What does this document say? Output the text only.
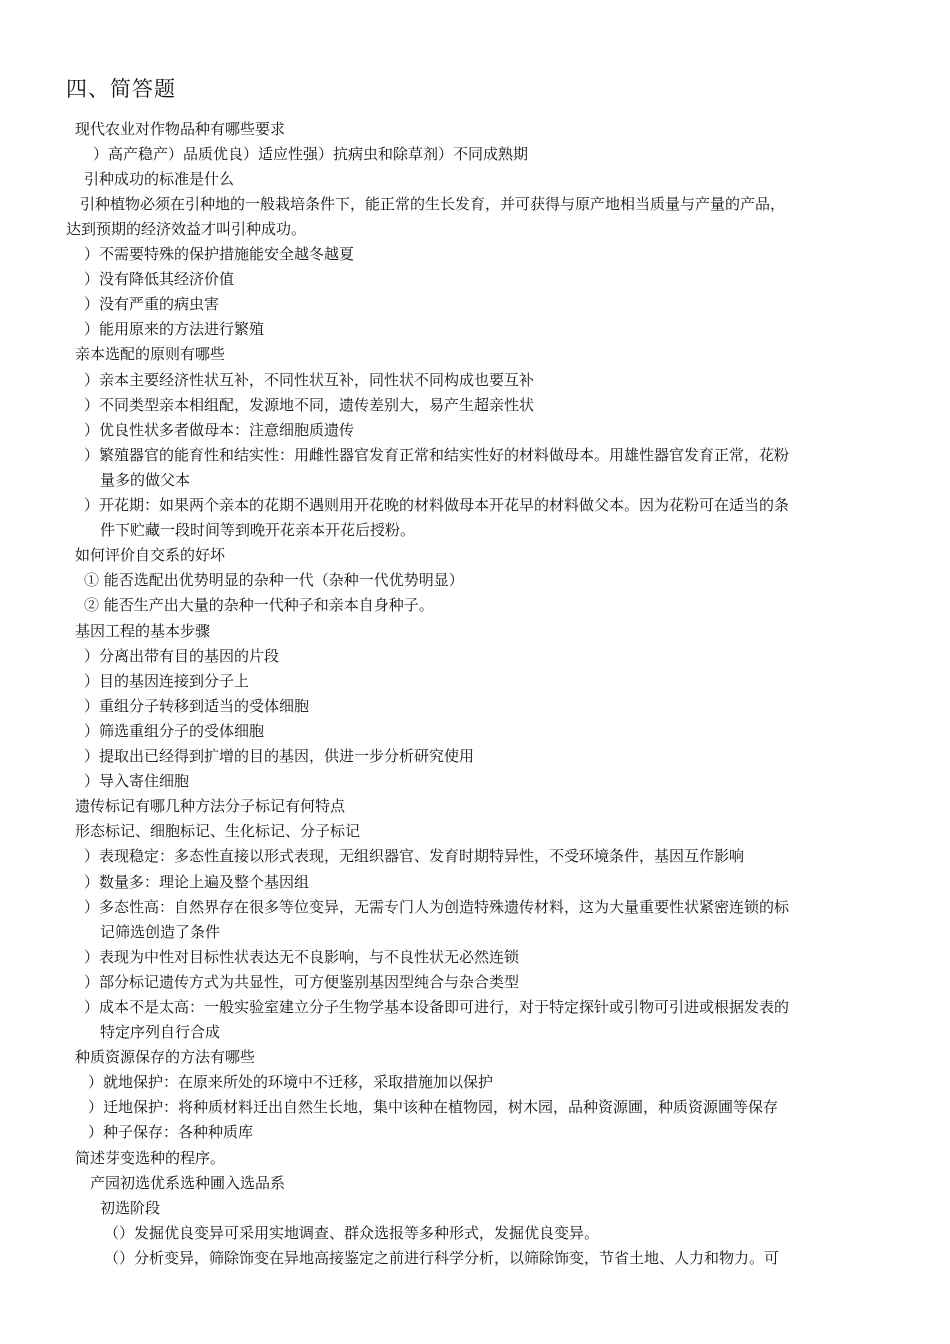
四、简答题
现代农业对作物品种有哪些要求
）高产稳产）品质优良）适应性强）抗病虫和除草剂）不同成熟期
引种成功的标准是什么
引种植物必须在引种地的一般栽培条件下，能正常的生长发育，并可获得与原产地相当质量与产量的产品，
达到预期的经济效益才叫引种成功。
）不需要特殊的保护措施能安全越冬越夏
）没有降低其经济价值
）没有严重的病虫害
）能用原来的方法进行繁殖
亲本选配的原则有哪些
）亲本主要经济性状互补，不同性状互补，同性状不同构成也要互补
）不同类型亲本相组配，发源地不同，遗传差别大，易产生超亲性状
）优良性状多者做母本：注意细胞质遗传
）繁殖器官的能育性和结实性：用雌性器官发育正常和结实性好的材料做母本。用雄性器官发育正常，花粉
量多的做父本
）开花期：如果两个亲本的花期不遇则用开花晚的材料做母本开花早的材料做父本。因为花粉可在适当的条
件下贮藏一段时间等到晚开花亲本开花后授粉。
如何评价自交系的好坏
① 能否选配出优势明显的杂种一代（杂种一代优势明显）
② 能否生产出大量的杂种一代种子和亲本自身种子。
基因工程的基本步骤
）分离出带有目的基因的片段
）目的基因连接到分子上
）重组分子转移到适当的受体细胞
）筛选重组分子的受体细胞
）提取出已经得到扩增的目的基因，供进一步分析研究使用
）导入寄住细胞
遗传标记有哪几种方法分子标记有何特点
形态标记、细胞标记、生化标记、分子标记
）表现稳定：多态性直接以形式表现，无组织器官、发育时期特异性，不受环境条件，基因互作影响
）数量多：理论上遍及整个基因组
）多态性高：自然界存在很多等位变异，无需专门人为创造特殊遗传材料，这为大量重要性状紧密连锁的标
记筛选创造了条件
）表现为中性对目标性状表达无不良影响，与不良性状无必然连锁
）部分标记遗传方式为共显性，可方便鉴别基因型纯合与杂合类型
）成本不是太高：一般实验室建立分子生物学基本设备即可进行，对于特定探针或引物可引进或根据发表的
特定序列自行合成
种质资源保存的方法有哪些
）就地保护：在原来所处的环境中不迁移，采取措施加以保护
）迁地保护：将种质材料迁出自然生长地，集中该种在植物园，树木园，品种资源圃，种质资源圃等保存
）种子保存：各种种质库
简述芽变选种的程序。
产园初选优系选种圃入选品系
初选阶段
（）发掘优良变异可采用实地调查、群众选报等多种形式，发掘优良变异。
（）分析变异，筛除饰变在异地高接鉴定之前进行科学分析，以筛除饰变，节省土地、人力和物力。可
